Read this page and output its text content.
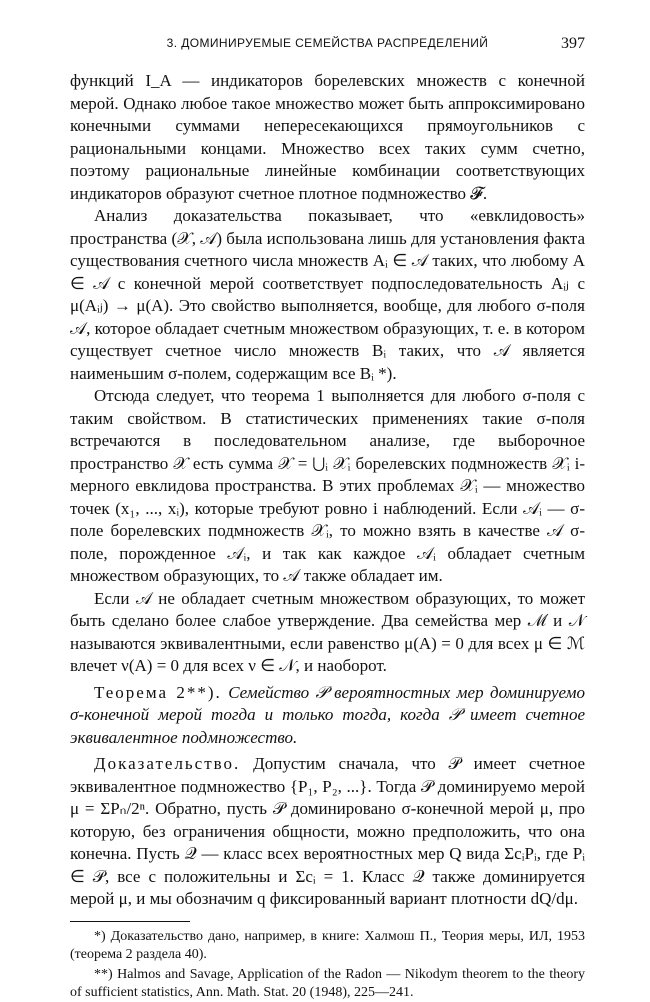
3. ДОМИНИРУЕМЫЕ СЕМЕЙСТВА РАСПРЕДЕЛЕНИЙ	397

функций I_A — индикаторов борелевских множеств с конечной мерой. Однако любое такое множество может быть аппроксимировано конечными суммами непересекающихся прямоугольников с рациональными концами. Множество всех таких сумм счетно, поэтому рациональные линейные комбинации соответствующих индикаторов образуют счетное плотное подмножество 𝓕.

Анализ доказательства показывает, что «евклидовость» пространства (𝒳, 𝒜) была использована лишь для установления факта существования счетного числа множеств Aᵢ ∈ 𝒜 таких, что любому A ∈ 𝒜 с конечной мерой соответствует подпоследовательность Aᵢⱼ с μ(Aᵢⱼ) → μ(A). Это свойство выполняется, вообще, для любого σ-поля 𝒜, которое обладает счетным множеством образующих, т. е. в котором существует счетное число множеств Bᵢ таких, что 𝒜 является наименьшим σ-полем, содержащим все Bᵢ *).

Отсюда следует, что теорема 1 выполняется для любого σ-поля с таким свойством. В статистических применениях такие σ-поля встречаются в последовательном анализе, где выборочное пространство 𝒳 есть сумма 𝒳 = ⋃ᵢ 𝒳ᵢ борелевских подмножеств 𝒳ᵢ i-мерного евклидова пространства. В этих проблемах 𝒳ᵢ — множество точек (x₁, ..., xᵢ), которые требуют ровно i наблюдений. Если 𝒜ᵢ — σ-поле борелевских подмножеств 𝒳ᵢ, то можно взять в качестве 𝒜 σ-поле, порожденное 𝒜ᵢ, и так как каждое 𝒜ᵢ обладает счетным множеством образующих, то 𝒜 также обладает им.

Если 𝒜 не обладает счетным множеством образующих, то может быть сделано более слабое утверждение. Два семейства мер ℳ и 𝒩 называются эквивалентными, если равенство μ(A) = 0 для всех μ ∈ ℳ влечет ν(A) = 0 для всех ν ∈ 𝒩, и наоборот.

Теорема 2**). Семейство 𝒫 вероятностных мер доминируемо σ-конечной мерой тогда и только тогда, когда 𝒫 имеет счетное эквивалентное подмножество.

Доказательство. Допустим сначала, что 𝒫 имеет счетное эквивалентное подмножество {P₁, P₂, ...}. Тогда 𝒫 доминируемо мерой μ = ΣPₙ/2ⁿ. Обратно, пусть 𝒫 доминировано σ-конечной мерой μ, про которую, без ограничения общности, можно предположить, что она конечна. Пусть 𝒬 — класс всех вероятностных мер Q вида ΣcᵢPᵢ, где Pᵢ ∈ 𝒫, все c положительны и Σcᵢ = 1. Класс 𝒬 также доминируется мерой μ, и мы обозначим q фиксированный вариант плотности dQ/dμ.

*) Доказательство дано, например, в книге: Халмош П., Теория меры, ИЛ, 1953 (теорема 2 раздела 40).

**) Halmos and Savage, Application of the Radon — Nikodym theorem to the theory of sufficient statistics, Ann. Math. Stat. 20 (1948), 225—241.
